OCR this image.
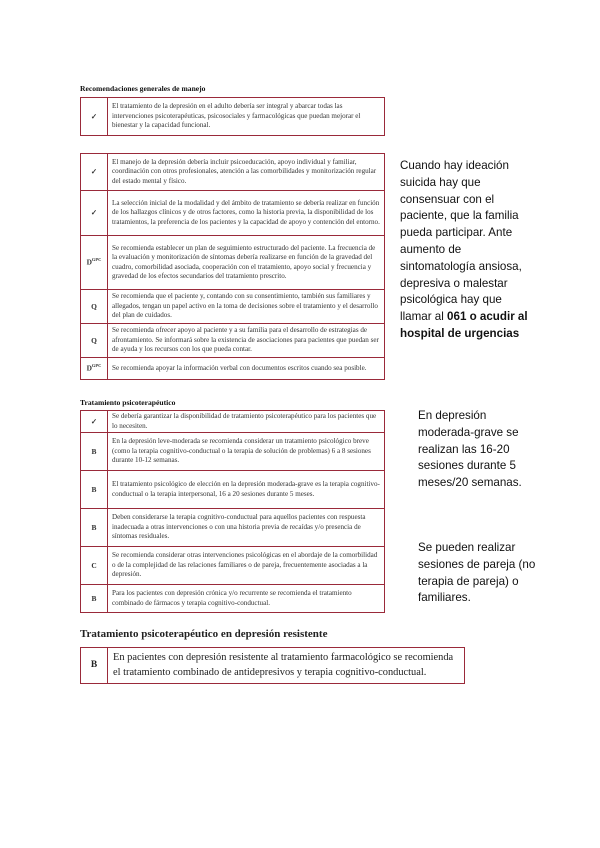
Recomendaciones generales de manejo
✓	El tratamiento de la depresión en el adulto debería ser integral y abarcar todas las intervenciones psicoterapéuticas, psicosociales y farmacológicas que puedan mejorar el bienestar y la capacidad funcional.
✓	El manejo de la depresión debería incluir psicoeducación, apoyo individual y familiar, coordinación con otros profesionales, atención a las comorbilidades y monitorización regular del estado mental y físico.
✓	La selección inicial de la modalidad y del ámbito de tratamiento se debería realizar en función de los hallazgos clínicos y de otros factores, como la historia previa, la disponibilidad de los tratamientos, la preferencia de los pacientes y la capacidad de apoyo y contención del entorno.
$D^{GPC}$	Se recomienda establecer un plan de seguimiento estructurado del paciente. La frecuencia de la evaluación y monitorización de síntomas debería realizarse en función de la gravedad del cuadro, comorbilidad asociada, cooperación con el tratamiento, apoyo social y frecuencia y gravedad de los efectos secundarios del tratamiento prescrito.
Q	Se recomienda que el paciente y, contando con su consentimiento, también sus familiares y allegados, tengan un papel activo en la toma de decisiones sobre el tratamiento y el desarrollo del plan de cuidados.
Q	Se recomienda ofrecer apoyo al paciente y a su familia para el desarrollo de estrategias de afrontamiento. Se informará sobre la existencia de asociaciones para pacientes que puedan ser de ayuda y los recursos con los que pueda contar.
$D^{GPC}$	Se recomienda apoyar la información verbal con documentos escritos cuando sea posible.
Tratamiento psicoterapéutico
✓	Se debería garantizar la disponibilidad de tratamiento psicoterapéutico para los pacientes que lo necesiten.
B	En la depresión leve-moderada se recomienda considerar un tratamiento psicológico breve (como la terapia cognitivo-conductual o la terapia de solución de problemas) 6 a 8 sesiones durante 10-12 semanas.
B	El tratamiento psicológico de elección en la depresión moderada-grave es la terapia cognitivo-conductual o la terapia interpersonal, 16 a 20 sesiones durante 5 meses.
B	Deben considerarse la terapia cognitivo-conductual para aquellos pacientes con respuesta inadecuada a otras intervenciones o con una historia previa de recaídas y/o presencia de síntomas residuales.
C	Se recomienda considerar otras intervenciones psicológicas en el abordaje de la comorbilidad o de la complejidad de las relaciones familiares o de pareja, frecuentemente asociadas a la depresión.
B	Para los pacientes con depresión crónica y/o recurrente se recomienda el tratamiento combinado de fármacos y terapia cognitivo-conductual.
Tratamiento psicoterapéutico en depresión resistente
B	En pacientes con depresión resistente al tratamiento farmacológico se recomienda el tratamiento combinado de antidepresivos y terapia cognitivo-conductual.
Cuando hay ideación suicida hay que consensuar con el paciente, que la familia pueda participar. Ante aumento de sintomatología ansiosa, depresiva o malestar psicológica hay que llamar al 061 o acudir al hospital de urgencias
En depresión moderada-grave se realizan las 16-20 sesiones durante 5 meses/20 semanas.
Se pueden realizar sesiones de pareja (no terapia de pareja) o familiares.
